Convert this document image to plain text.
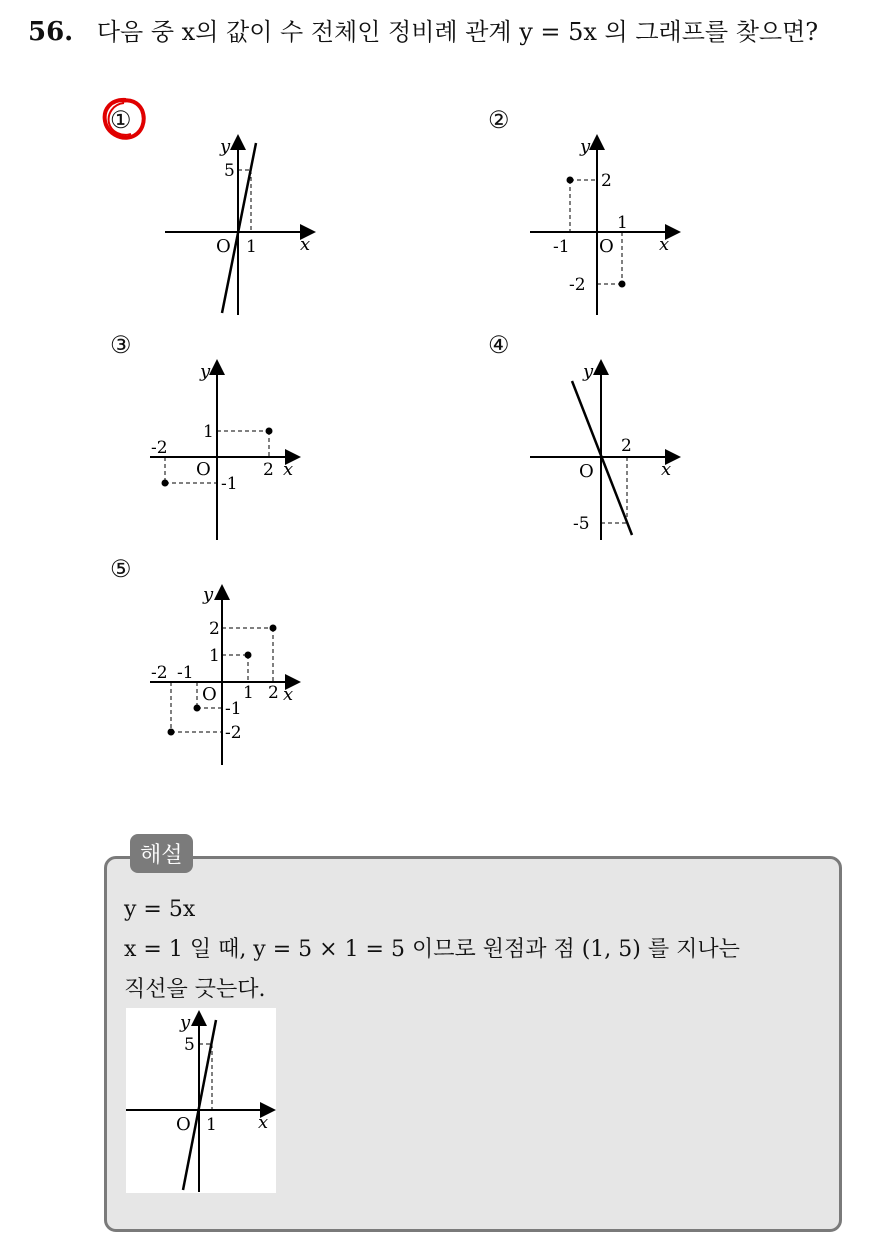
56. 다음 중 x의 값이 수 전체인 정비례 관계 y = 5x 의 그래프를 찾으면?
①
y
x
O
5
1
②
y
x
O
2
-1
1
-2
③
y
x
O
1
-2
2
-1
④
y
x
O
2
-5
⑤
y
x
O
2
1
-2 -1
1 2
-1
-2
해설
y = 5x
x = 1 일 때, y = 5 × 1 = 5 이므로 원점과 점 (1, 5) 를 지나는
직선을 긋는다.
y
x
O
5
1
